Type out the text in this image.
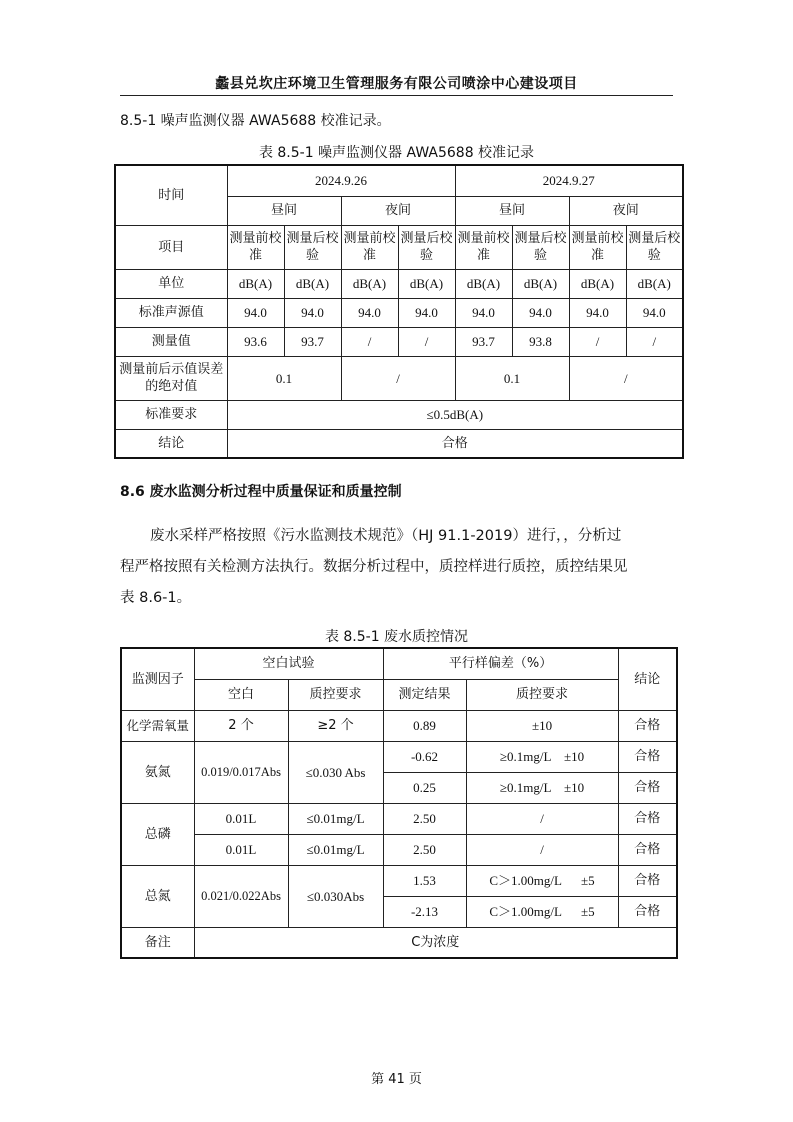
蠡县兑坎庄环境卫生管理服务有限公司喷涂中心建设项目
8.5-1 噪声监测仪器 AWA5688 校准记录。
表 8.5-1 噪声监测仪器 AWA5688 校准记录
时间	2024.9.26				2024.9.27			
	昼间		夜间		昼间		夜间	
项目	测量前校准	测量后校验	测量前校准	测量后校验	测量前校准	测量后校验	测量前校准	测量后校验
单位	dB(A)	dB(A)	dB(A)	dB(A)	dB(A)	dB(A)	dB(A)	dB(A)
标准声源值	94.0	94.0	94.0	94.0	94.0	94.0	94.0	94.0
测量值	93.6	93.7	/	/	93.7	93.8	/	/
测量前后示值误差的绝对值	0.1		/		0.1		/	
标准要求	≤0.5dB(A)							
结论	合格							
8.6 废水监测分析过程中质量保证和质量控制
废水采样严格按照《污水监测技术规范》（HJ 91.1-2019）进行，，分析过
程严格按照有关检测方法执行。数据分析过程中，质控样进行质控，质控结果见
表 8.6-1。
表 8.5-1 废水质控情况
监测因子	空白试验		平行样偏差（%）		结论
	空白	质控要求	测定结果	质控要求	
化学需氧量	2 个	≥2 个	0.89	±10	合格
氨氮	0.019/0.017Abs	≤0.030 Abs	-0.62	≥0.1mg/L    ±10	合格
			0.25	≥0.1mg/L    ±10	合格
总磷	0.01L	≤0.01mg/L	2.50	/	合格
	0.01L	≤0.01mg/L	2.50	/	合格
总氮	0.021/0.022Abs	≤0.030Abs	1.53	C＞1.00mg/L      ±5	合格
			-2.13	C＞1.00mg/L      ±5	合格
备注	C为浓度				
第 41 页
